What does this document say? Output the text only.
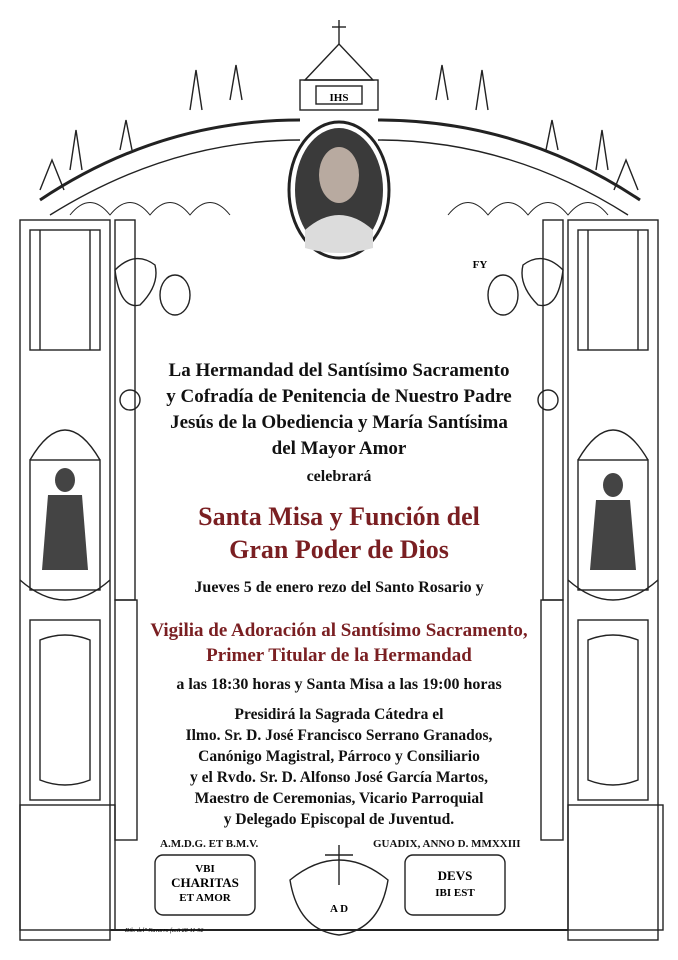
IHS
FY
VBI
CHARITAS
ET AMOR
DEVS
IBI EST
A D
Dib. del" Navarro fecit 28-11-92
La Hermandad del Santísimo Sacramento
y Cofradía de Penitencia de Nuestro Padre
Jesús de la Obediencia y María Santísima
del Mayor Amor
celebrará
Santa Misa y Función del
Gran Poder de Dios
Jueves 5 de enero rezo del Santo Rosario y
Vigilia de Adoración al Santísimo Sacramento,
Primer Titular de la Hermandad
a las 18:30 horas y Santa Misa a las 19:00 horas
Presidirá la Sagrada Cátedra el
Ilmo. Sr. D. José Francisco Serrano Granados,
Canónigo Magistral, Párroco y Consiliario
y el Rvdo. Sr. D. Alfonso José García Martos,
Maestro de Ceremonias, Vicario Parroquial
y Delegado Episcopal de Juventud.
A.M.D.G. ET B.M.V.	GUADIX, ANNO D. MMXXIII
